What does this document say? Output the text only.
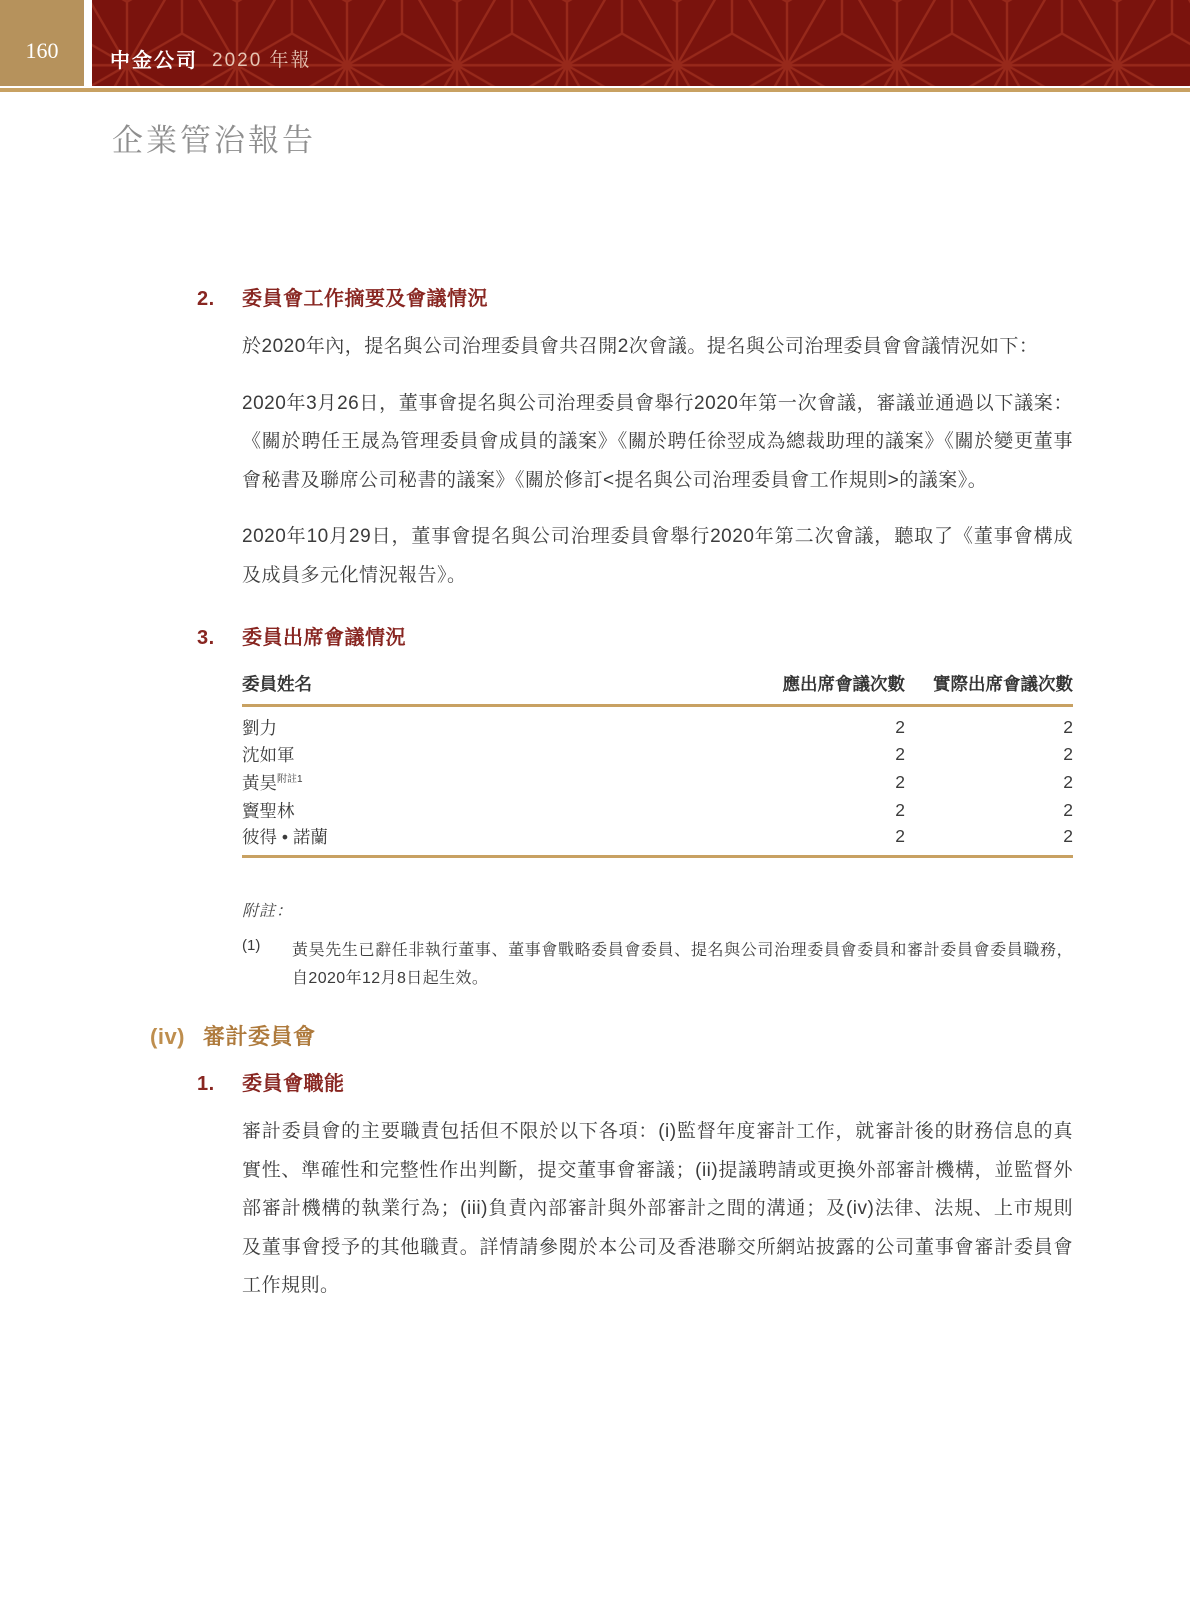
160	中金公司 2020 年報
企業管治報告
2.	委員會工作摘要及會議情況

於2020年內，提名與公司治理委員會共召開2次會議。提名與公司治理委員會會議情況如下：

2020年3月26日，董事會提名與公司治理委員會舉行2020年第一次會議，審議並通過以下議案：《關於聘任王晟為管理委員會成員的議案》《關於聘任徐翌成為總裁助理的議案》《關於變更董事會秘書及聯席公司秘書的議案》《關於修訂<提名與公司治理委員會工作規則>的議案》。

2020年10月29日，董事會提名與公司治理委員會舉行2020年第二次會議，聽取了《董事會構成及成員多元化情況報告》。

3.	委員出席會議情況
委員姓名	應出席會議次數	實際出席會議次數
劉力	2	2
沈如軍	2	2
黃昊$^{附註1}$	2	2
竇聖林	2	2
彼得 • 諾蘭	2	2
附註：
(1)	黃昊先生已辭任非執行董事、董事會戰略委員會委員、提名與公司治理委員會委員和審計委員會委員職務，自2020年12月8日起生效。
(iv) 審計委員會
1.	委員會職能

審計委員會的主要職責包括但不限於以下各項：(i)監督年度審計工作，就審計後的財務信息的真實性、準確性和完整性作出判斷，提交董事會審議；(ii)提議聘請或更換外部審計機構，並監督外部審計機構的執業行為；(iii)負責內部審計與外部審計之間的溝通；及(iv)法律、法規、上市規則及董事會授予的其他職責。詳情請參閱於本公司及香港聯交所網站披露的公司董事會審計委員會工作規則。
